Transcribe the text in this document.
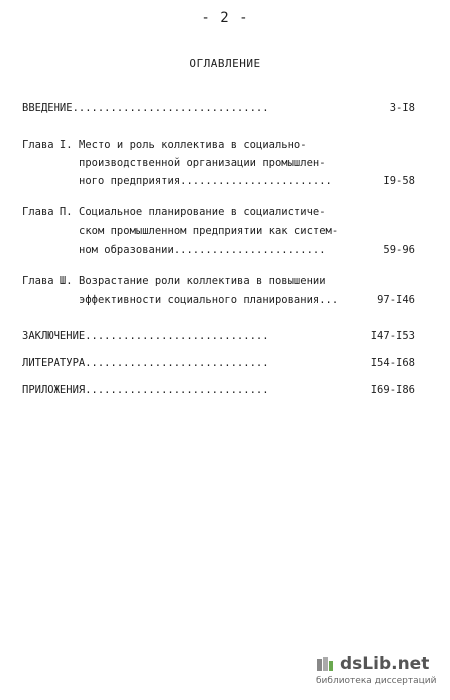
- 2 -
ОГЛАВЛЕНИЕ
ВВЕДЕНИЕ...............................	3-I8
Глава I. Место и роль коллектива в социально-
производственной организации промышлен-
ного предприятия........................	I9-58
Глава П. Социальное планирование в социалистиче-
ском промышленном предприятии как систем-
ном образовании........................	59-96
Глава Ш. Возрастание роли коллектива в повышении
эффективности социального планирования...	97-I46
ЗАКЛЮЧЕНИЕ.............................	I47-I53
ЛИТЕРАТУРА.............................	I54-I68
ПРИЛОЖЕНИЯ.............................	I69-I86
dsLib.net
библиотека диссертаций
